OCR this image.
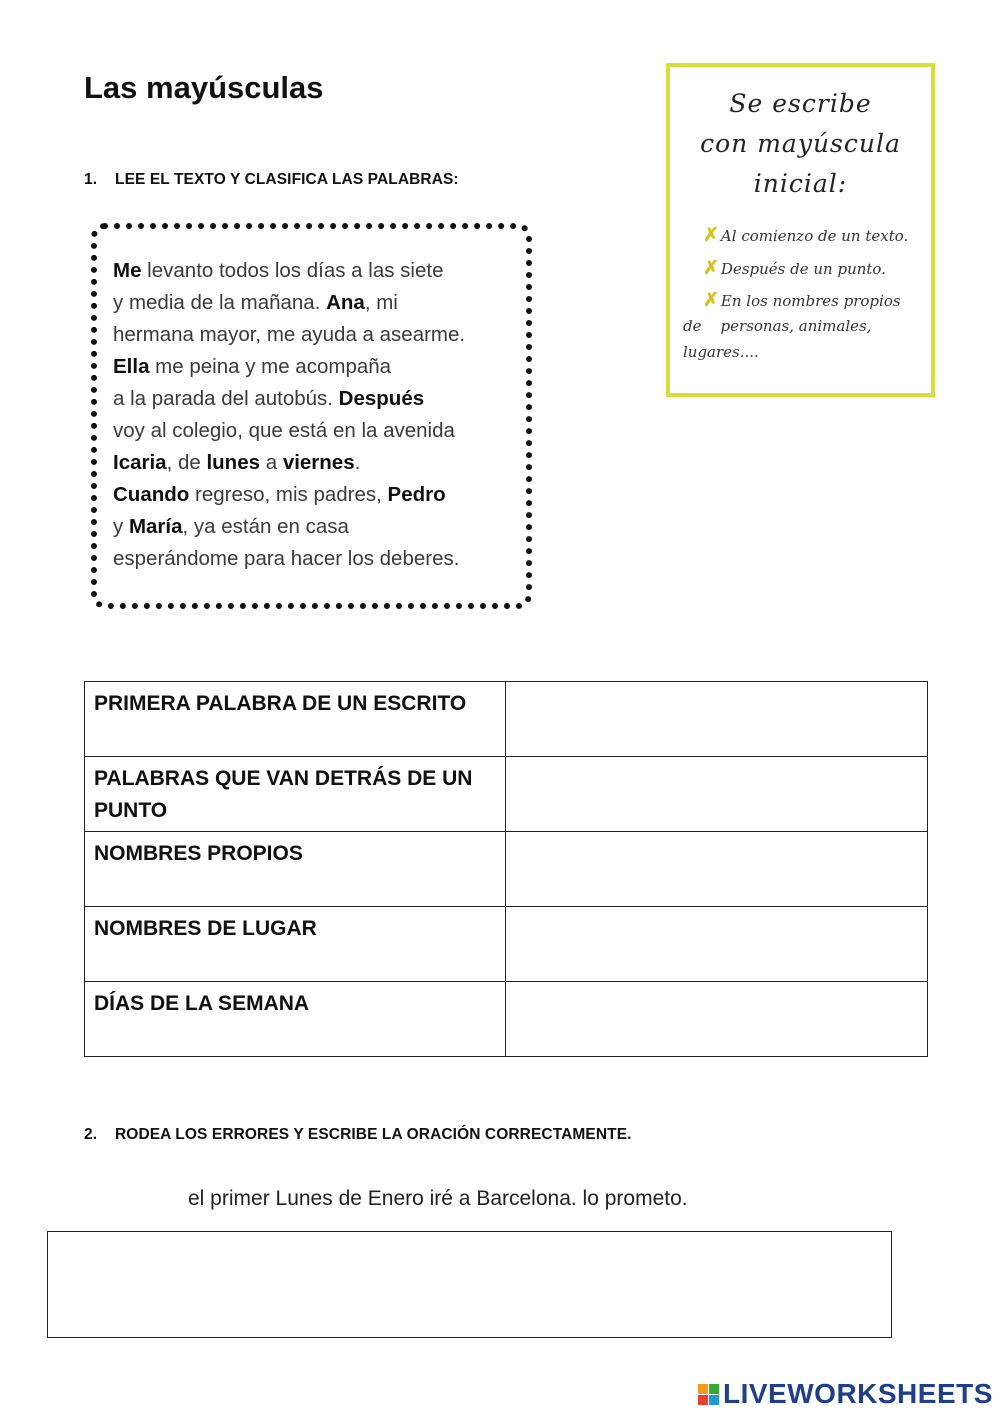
Las mayúsculas
1. LEE EL TEXTO Y CLASIFICA LAS PALABRAS:

Me levanto todos los días a las siete

y media de la mañana. Ana, mi

hermana mayor, me ayuda a asearme.

Ella me peina y me acompaña

a la parada del autobús. Después

voy al colegio, que está en la avenida

Icaria, de lunes a viernes.

Cuando regreso, mis padres, Pedro

y María, ya están en casa

esperándome para hacer los deberes.

Se escribe
con mayúscula
inicial:
✗ Al comienzo de un texto.
✗ Después de un punto.
✗ En los nombres propios
de    personas, animales,
lugares....
PRIMERA PALABRA DE UN ESCRITO	
PALABRAS QUE VAN DETRÁS DE UN PUNTO	
NOMBRES PROPIOS	
NOMBRES DE LUGAR	
DÍAS DE LA SEMANA	
2. RODEA LOS ERRORES Y ESCRIBE LA ORACIÓN CORRECTAMENTE.
el primer Lunes de Enero iré a Barcelona. lo prometo.
LIVEWORKSHEETS
